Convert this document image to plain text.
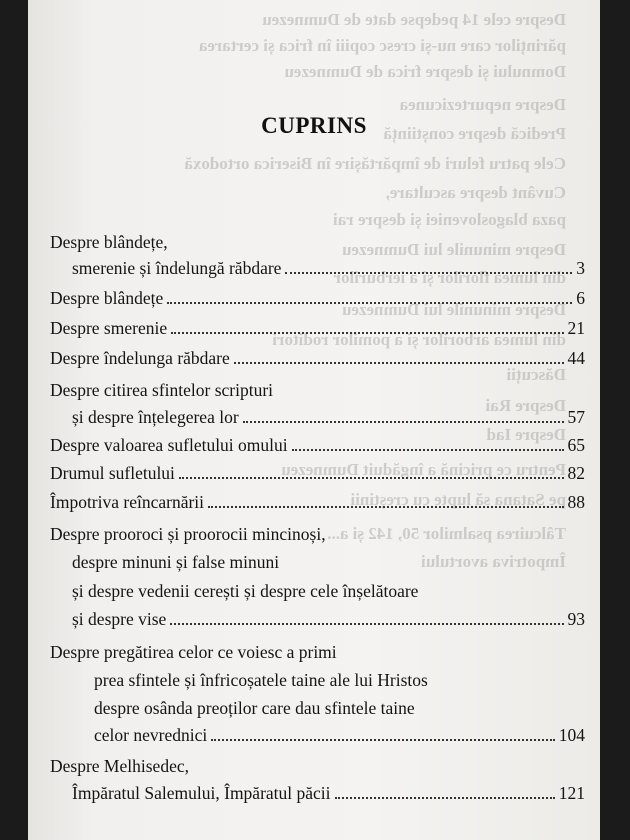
Despre cele 14 pedepse date de Dumnezeu
părinților care nu-și cresc copiii în frica și certarea
Domnului și despre frica de Dumnezeu
Despre nepurtezicunea
Predică despre conștiință
Cele patru feluri de împărtășire în Biserica ortodoxă
Cuvânt despre ascultare,
paza blagosloveniei și despre rai
Despre minunile lui Dumnezeu
din lumea florilor și a ierburilor
Despre minunile lui Dumnezeu
din lumea arborilor și a pomilor roditori
Dăscuții
Despre Rai
Despre Iad
Pentru ce pricină a îngăduit Dumnezeu
pe Satana să lupte cu creștinii
Tâlcuirea psalmilor 50, 142 și a...
Împotriva avortului
CUPRINS
Despre blândețe,
smerenie și îndelungă răbdare	3
Despre blândețe	6
Despre smerenie	21
Despre îndelunga răbdare	44
Despre citirea sfintelor scripturi
și despre înțelegerea lor	57
Despre valoarea sufletului omului	65
Drumul sufletului	82
Împotriva reîncarnării	88
Despre prooroci și proorocii mincinoși,
despre minuni și false minuni
și despre vedenii cerești și despre cele înșelătoare
și despre vise	93
Despre pregătirea celor ce voiesc a primi
prea sfintele și înfricoșatele taine ale lui Hristos
despre osânda preoților care dau sfintele taine
celor nevrednici	104
Despre Melhisedec,
Împăratul Salemului, Împăratul păcii	121
